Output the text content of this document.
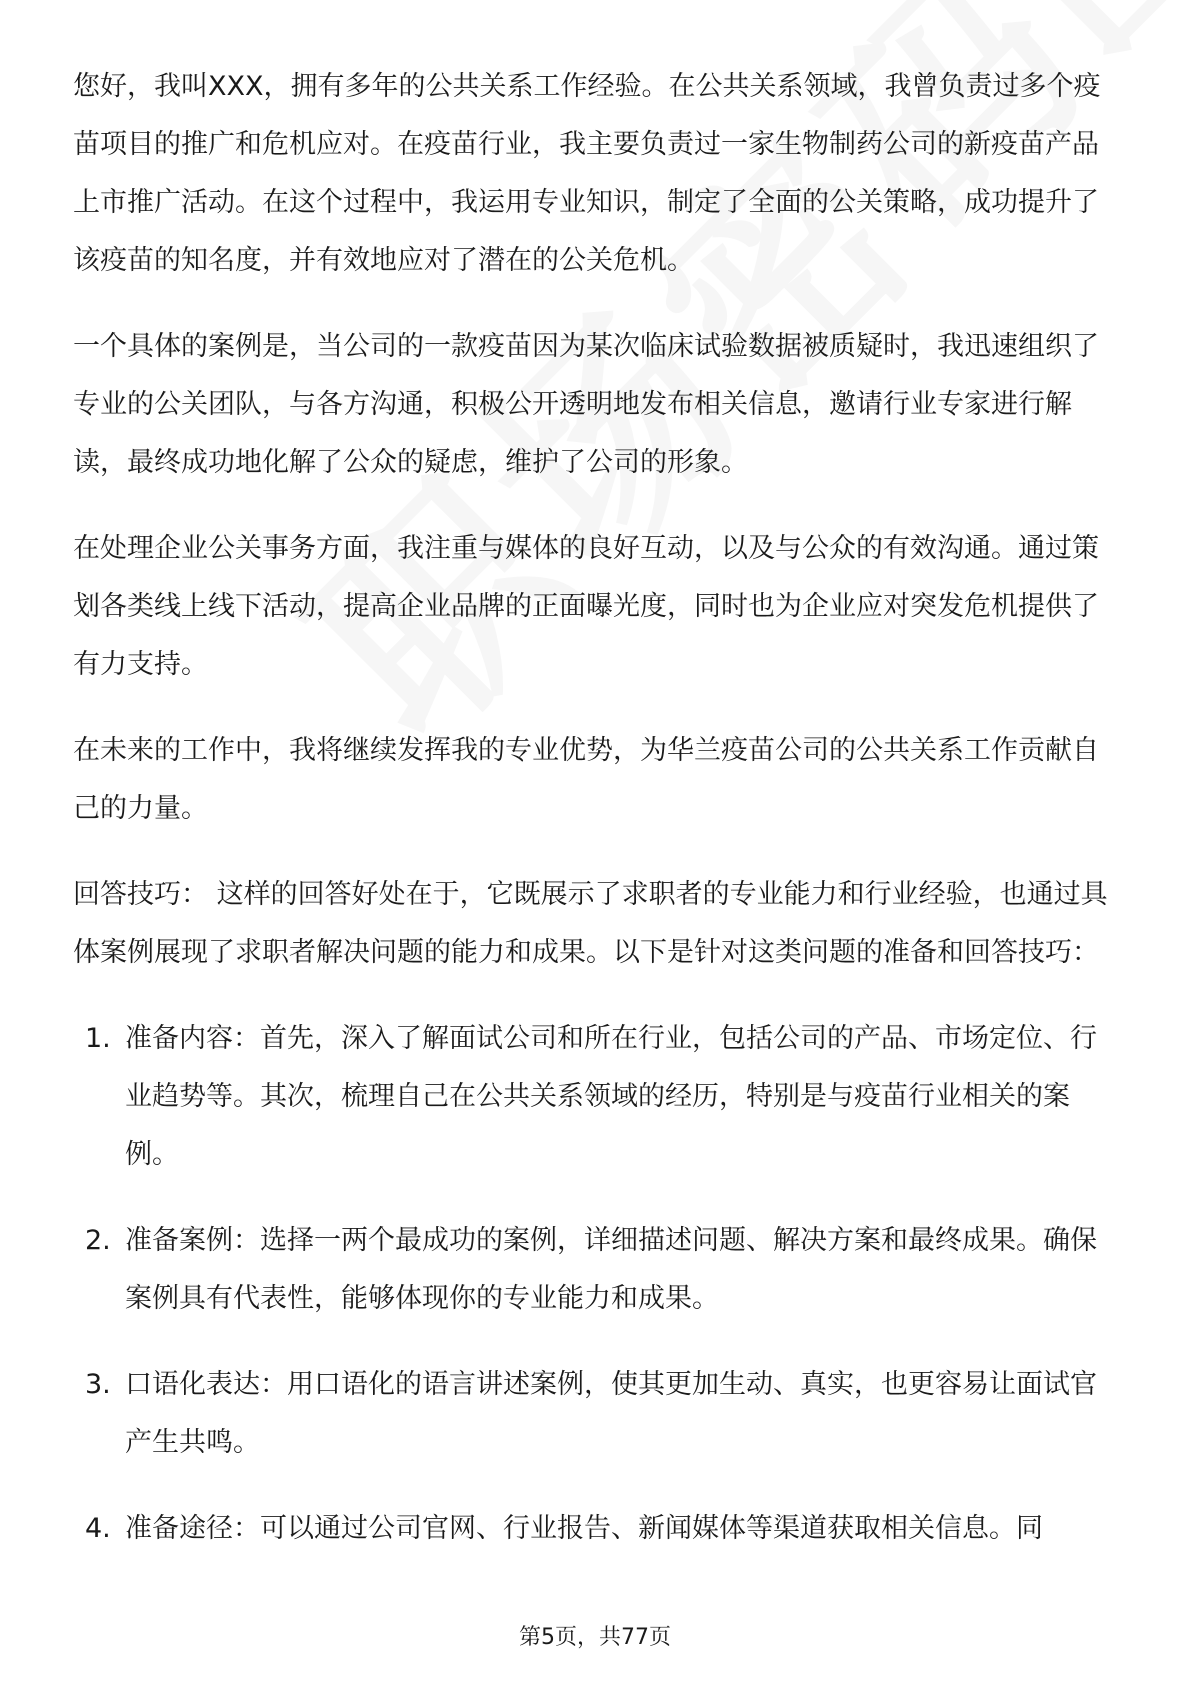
您好，我叫XXX，拥有多年的公共关系工作经验。在公共关系领域，我曾负责过多个疫苗项目的推广和危机应对。在疫苗行业，我主要负责过一家生物制药公司的新疫苗产品上市推广活动。在这个过程中，我运用专业知识，制定了全面的公关策略，成功提升了该疫苗的知名度，并有效地应对了潜在的公关危机。

一个具体的案例是，当公司的一款疫苗因为某次临床试验数据被质疑时，我迅速组织了专业的公关团队，与各方沟通，积极公开透明地发布相关信息，邀请行业专家进行解读，最终成功地化解了公众的疑虑，维护了公司的形象。

在处理企业公关事务方面，我注重与媒体的良好互动，以及与公众的有效沟通。通过策划各类线上线下活动，提高企业品牌的正面曝光度，同时也为企业应对突发危机提供了有力支持。

在未来的工作中，我将继续发挥我的专业优势，为华兰疫苗公司的公共关系工作贡献自己的力量。

回答技巧： 这样的回答好处在于，它既展示了求职者的专业能力和行业经验，也通过具体案例展现了求职者解决问题的能力和成果。以下是针对这类问题的准备和回答技巧：

1. 准备内容：首先，深入了解面试公司和所在行业，包括公司的产品、市场定位、行业趋势等。其次，梳理自己在公共关系领域的经历，特别是与疫苗行业相关的案例。
2. 准备案例：选择一两个最成功的案例，详细描述问题、解决方案和最终成果。确保案例具有代表性，能够体现你的专业能力和成果。
3. 口语化表达：用口语化的语言讲述案例，使其更加生动、真实，也更容易让面试官产生共鸣。
4. 准备途径：可以通过公司官网、行业报告、新闻媒体等渠道获取相关信息。同
第5页，共77页
